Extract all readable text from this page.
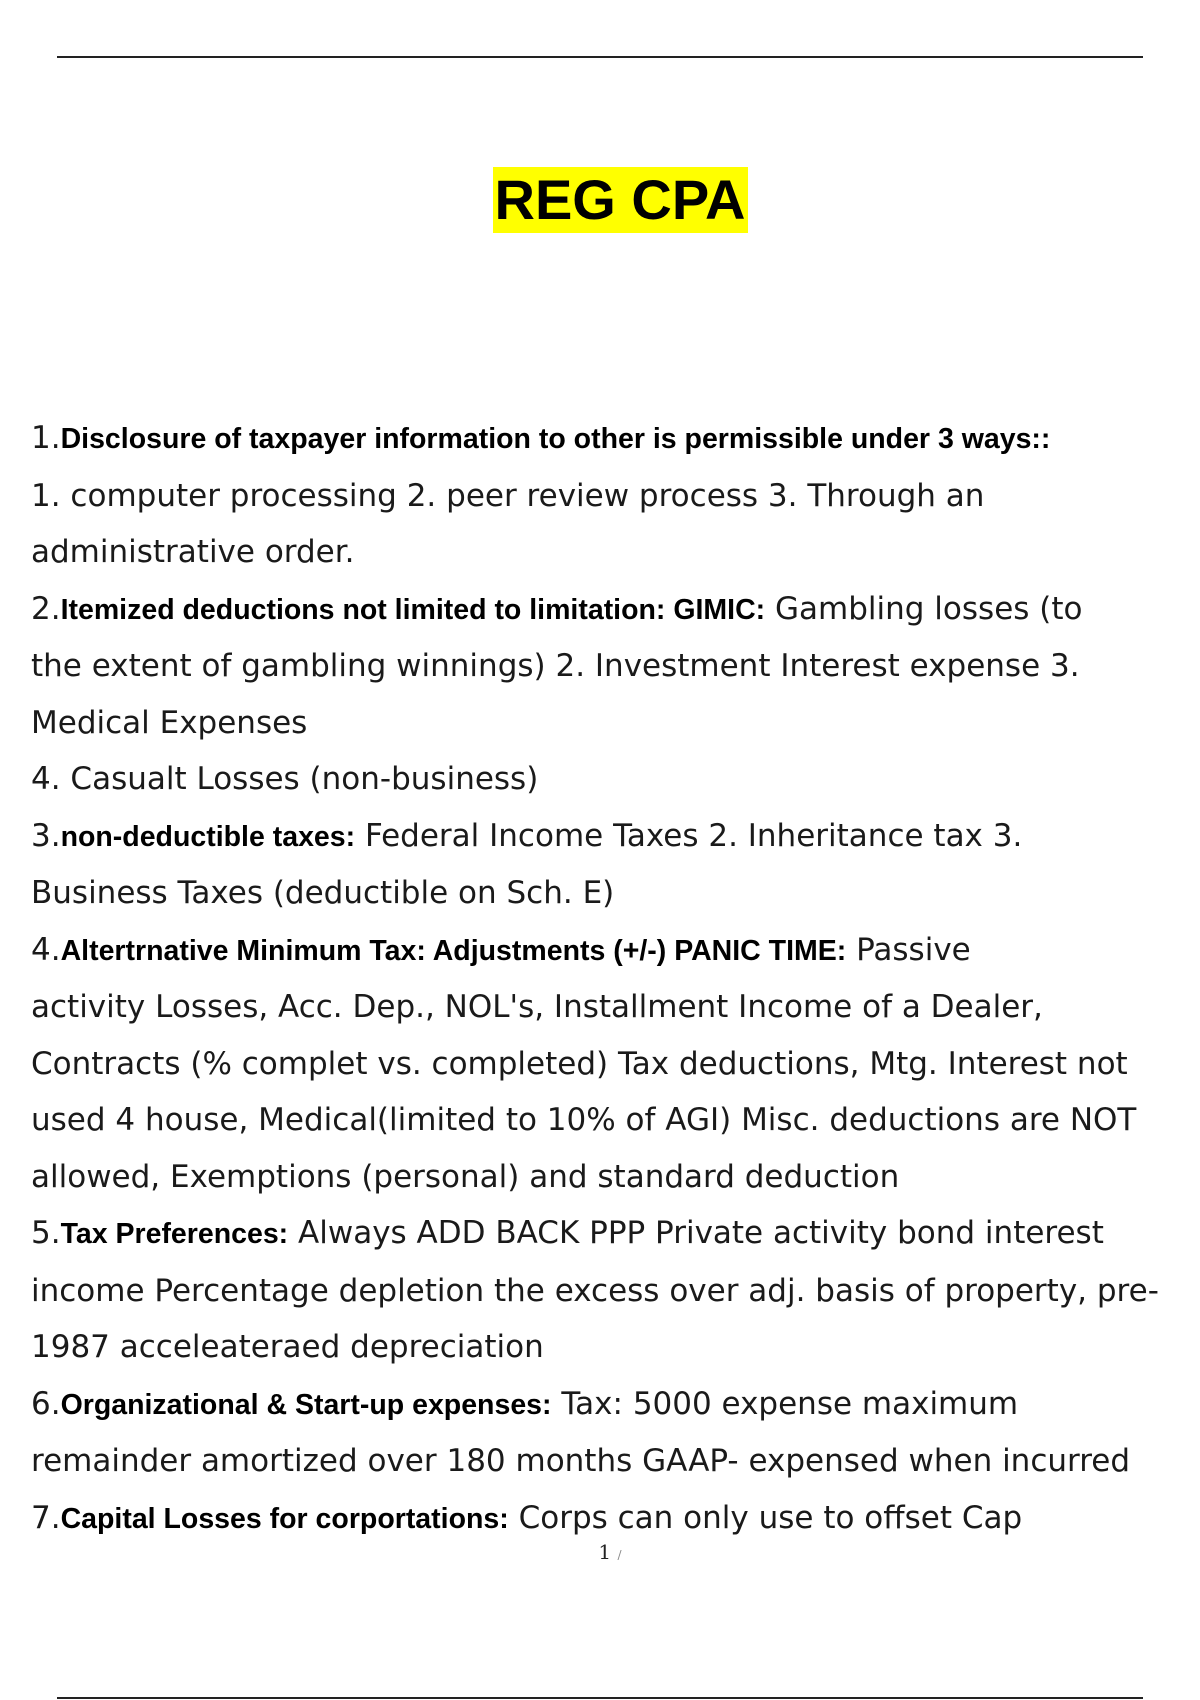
REG CPA
1.Disclosure of taxpayer information to other is permissible under 3 ways::
1. computer processing 2. peer review process 3. Through an
administrative order.
2.Itemized deductions not limited to limitation: GIMIC: Gambling losses (to
the extent of gambling winnings) 2. Investment Interest expense 3.
Medical Expenses
4. Casualt Losses (non-business)
3.non-deductible taxes: Federal Income Taxes 2. Inheritance tax 3.
Business Taxes (deductible on Sch. E)
4.Altertrnative Minimum Tax: Adjustments (+/-) PANIC TIME: Passive
activity Losses, Acc. Dep., NOL's, Installment Income of a Dealer,
Contracts (% complet vs. completed) Tax deductions, Mtg. Interest not
used 4 house, Medical(limited to 10% of AGI) Misc. deductions are NOT
allowed, Exemptions (personal) and standard deduction
5.Tax Preferences: Always ADD BACK PPP Private activity bond interest
income Percentage depletion the excess over adj. basis of property, pre-
1987 acceleateraed depreciation
6.Organizational & Start-up expenses: Tax: 5000 expense maximum
remainder amortized over 180 months GAAP- expensed when incurred
7.Capital Losses for corportations: Corps can only use to offset Cap
1 /
